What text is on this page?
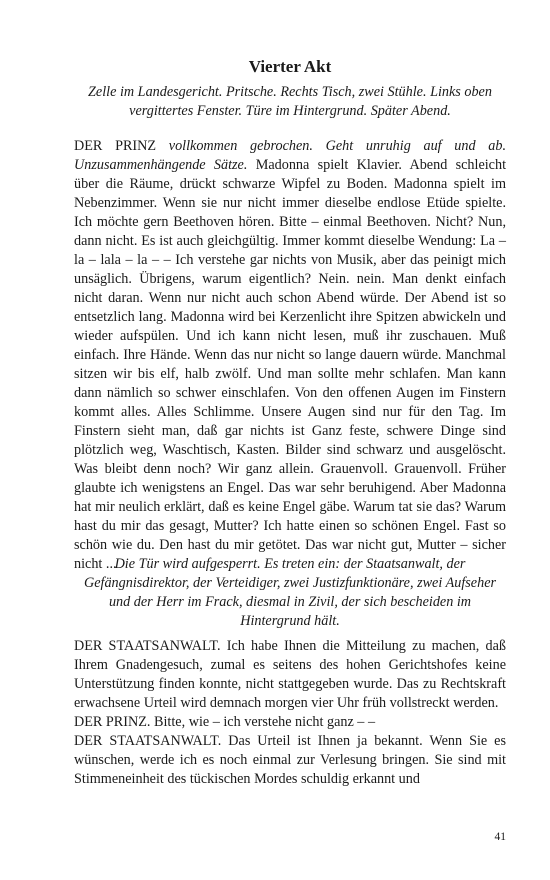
Vierter Akt

Zelle im Landesgericht. Pritsche. Rechts Tisch, zwei Stühle. Links oben vergittertes Fenster. Türe im Hintergrund. Später Abend.

DER PRINZ vollkommen gebrochen. Geht unruhig auf und ab. Unzusammenhängende Sätze. Madonna spielt Klavier. Abend schleicht über die Räume, drückt schwarze Wipfel zu Boden. Madonna spielt im Nebenzimmer. Wenn sie nur nicht immer dieselbe endlose Etüde spielte. Ich möchte gern Beethoven hören. Bitte – einmal Beethoven. Nicht? Nun, dann nicht. Es ist auch gleichgültig. Immer kommt dieselbe Wendung: La – la – lala – la – – Ich verstehe gar nichts von Musik, aber das peinigt mich unsäglich. Übrigens, warum eigentlich? Nein. nein. Man denkt einfach nicht daran. Wenn nur nicht auch schon Abend würde. Der Abend ist so entsetzlich lang. Madonna wird bei Kerzenlicht ihre Spitzen abwickeln und wieder aufspülen. Und ich kann nicht lesen, muß ihr zuschauen. Muß einfach. Ihre Hände. Wenn das nur nicht so lange dauern würde. Manchmal sitzen wir bis elf, halb zwölf. Und man sollte mehr schlafen. Man kann dann nämlich so schwer einschlafen. Von den offenen Augen im Finstern kommt alles. Alles Schlimme. Unsere Augen sind nur für den Tag. Im Finstern sieht man, daß gar nichts ist Ganz feste, schwere Dinge sind plötzlich weg, Waschtisch, Kasten. Bilder sind schwarz und ausgelöscht. Was bleibt denn noch? Wir ganz allein. Grauenvoll. Grauenvoll. Früher glaubte ich wenigstens an Engel. Das war sehr beruhigend. Aber Madonna hat mir neulich erklärt, daß es keine Engel gäbe. Warum tat sie das? Warum hast du mir das gesagt, Mutter? Ich hatte einen so schönen Engel. Fast so schön wie du. Den hast du mir getötet. Das war nicht gut, Mutter – sicher nicht ...

Die Tür wird aufgesperrt. Es treten ein: der Staatsanwalt, der Gefängnisdirektor, der Verteidiger, zwei Justizfunktionäre, zwei Aufseher und der Herr im Frack, diesmal in Zivil, der sich bescheiden im Hintergrund hält.

DER STAATSANWALT. Ich habe Ihnen die Mitteilung zu machen, daß Ihrem Gnadengesuch, zumal es seitens des hohen Gerichtshofes keine Unterstützung finden konnte, nicht stattgegeben wurde. Das zu Rechtskraft erwachsene Urteil wird demnach morgen vier Uhr früh vollstreckt werden.

DER PRINZ. Bitte, wie – ich verstehe nicht ganz – –

DER STAATSANWALT. Das Urteil ist Ihnen ja bekannt. Wenn Sie es wünschen, werde ich es noch einmal zur Verlesung bringen. Sie sind mit Stimmeneinheit des tückischen Mordes schuldig erkannt und

41
